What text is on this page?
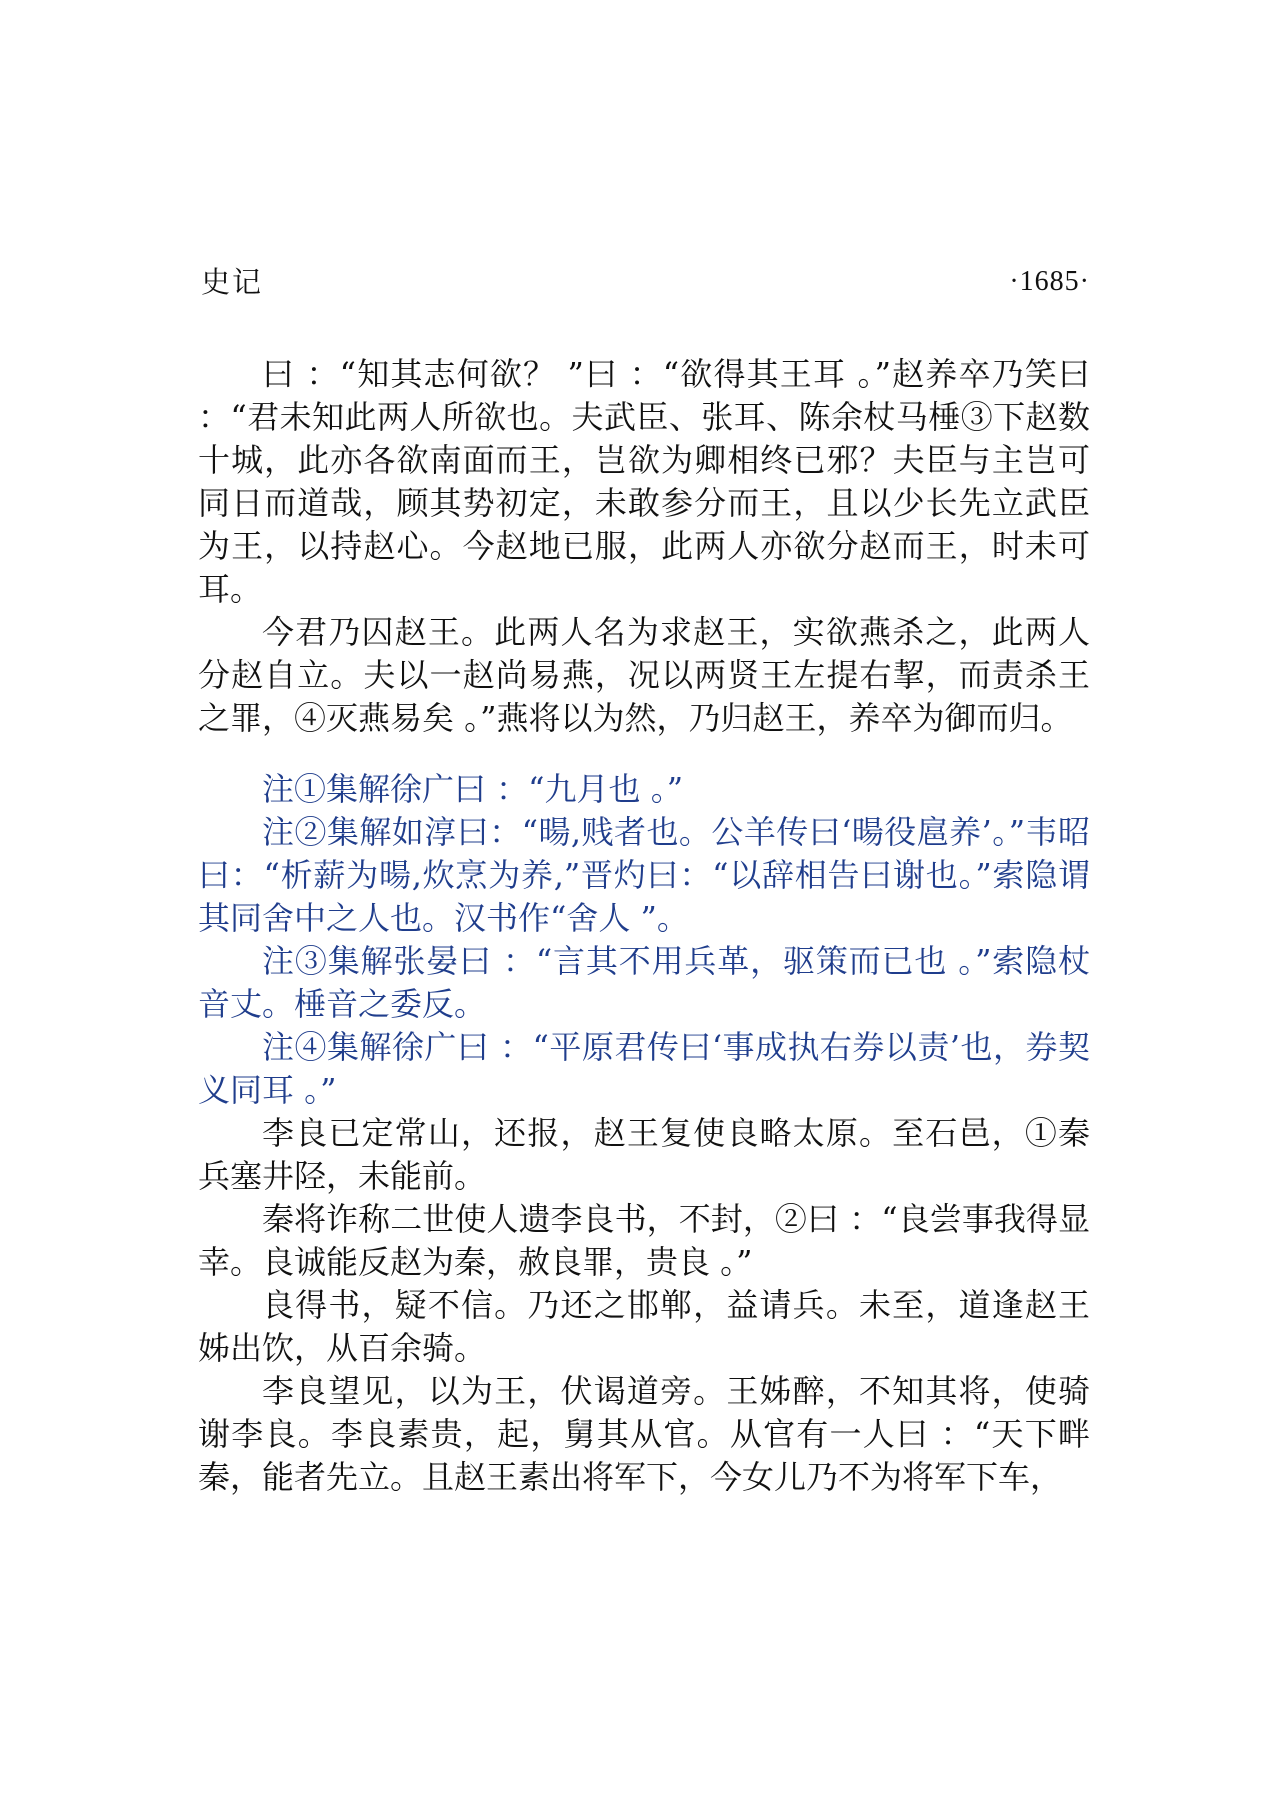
史记	·1685·

曰 ：“知其志何欲？ ”曰 ：“欲得其王耳 。”赵养卒乃笑曰 ：“君未知此两人所欲也。夫武臣、张耳、陈余杖马棰③下赵数十城，此亦各欲南面而王，岂欲为卿相终已邪？夫臣与主岂可同日而道哉，顾其势初定，未敢参分而王，且以少长先立武臣为王，以持赵心。今赵地已服，此两人亦欲分赵而王，时未可耳。

今君乃囚赵王。此两人名为求赵王，实欲燕杀之，此两人分赵自立。夫以一赵尚易燕，况以两贤王左提右挈，而责杀王之罪，④灭燕易矣 。”燕将以为然，乃归赵王，养卒为御而归。

注①集解徐广曰 ：“九月也 。”

注②集解如淳曰：“暘,贱者也。公羊传曰‘暘役扈养’。”韦昭曰：“析薪为暘,炊烹为养,”晋灼曰：“以辞相告曰谢也。”索隐谓其同舍中之人也。汉书作“舍人 ”。

注③集解张晏曰 ：“言其不用兵革，驱策而已也 。”索隐杖音丈。棰音之委反。

注④集解徐广曰 ：“平原君传曰‘事成执右券以责’也，券契义同耳 。”

李良已定常山，还报，赵王复使良略太原。至石邑，①秦兵塞井陉，未能前。

秦将诈称二世使人遗李良书，不封，②曰 ：“良尝事我得显幸。良诚能反赵为秦，赦良罪，贵良 。”

良得书，疑不信。乃还之邯郸，益请兵。未至，道逢赵王姊出饮，从百余骑。

李良望见，以为王，伏谒道旁。王姊醉，不知其将，使骑谢李良。李良素贵，起，舅其从官。从官有一人曰 ：“天下畔秦，能者先立。且赵王素出将军下，今女儿乃不为将军下车，
